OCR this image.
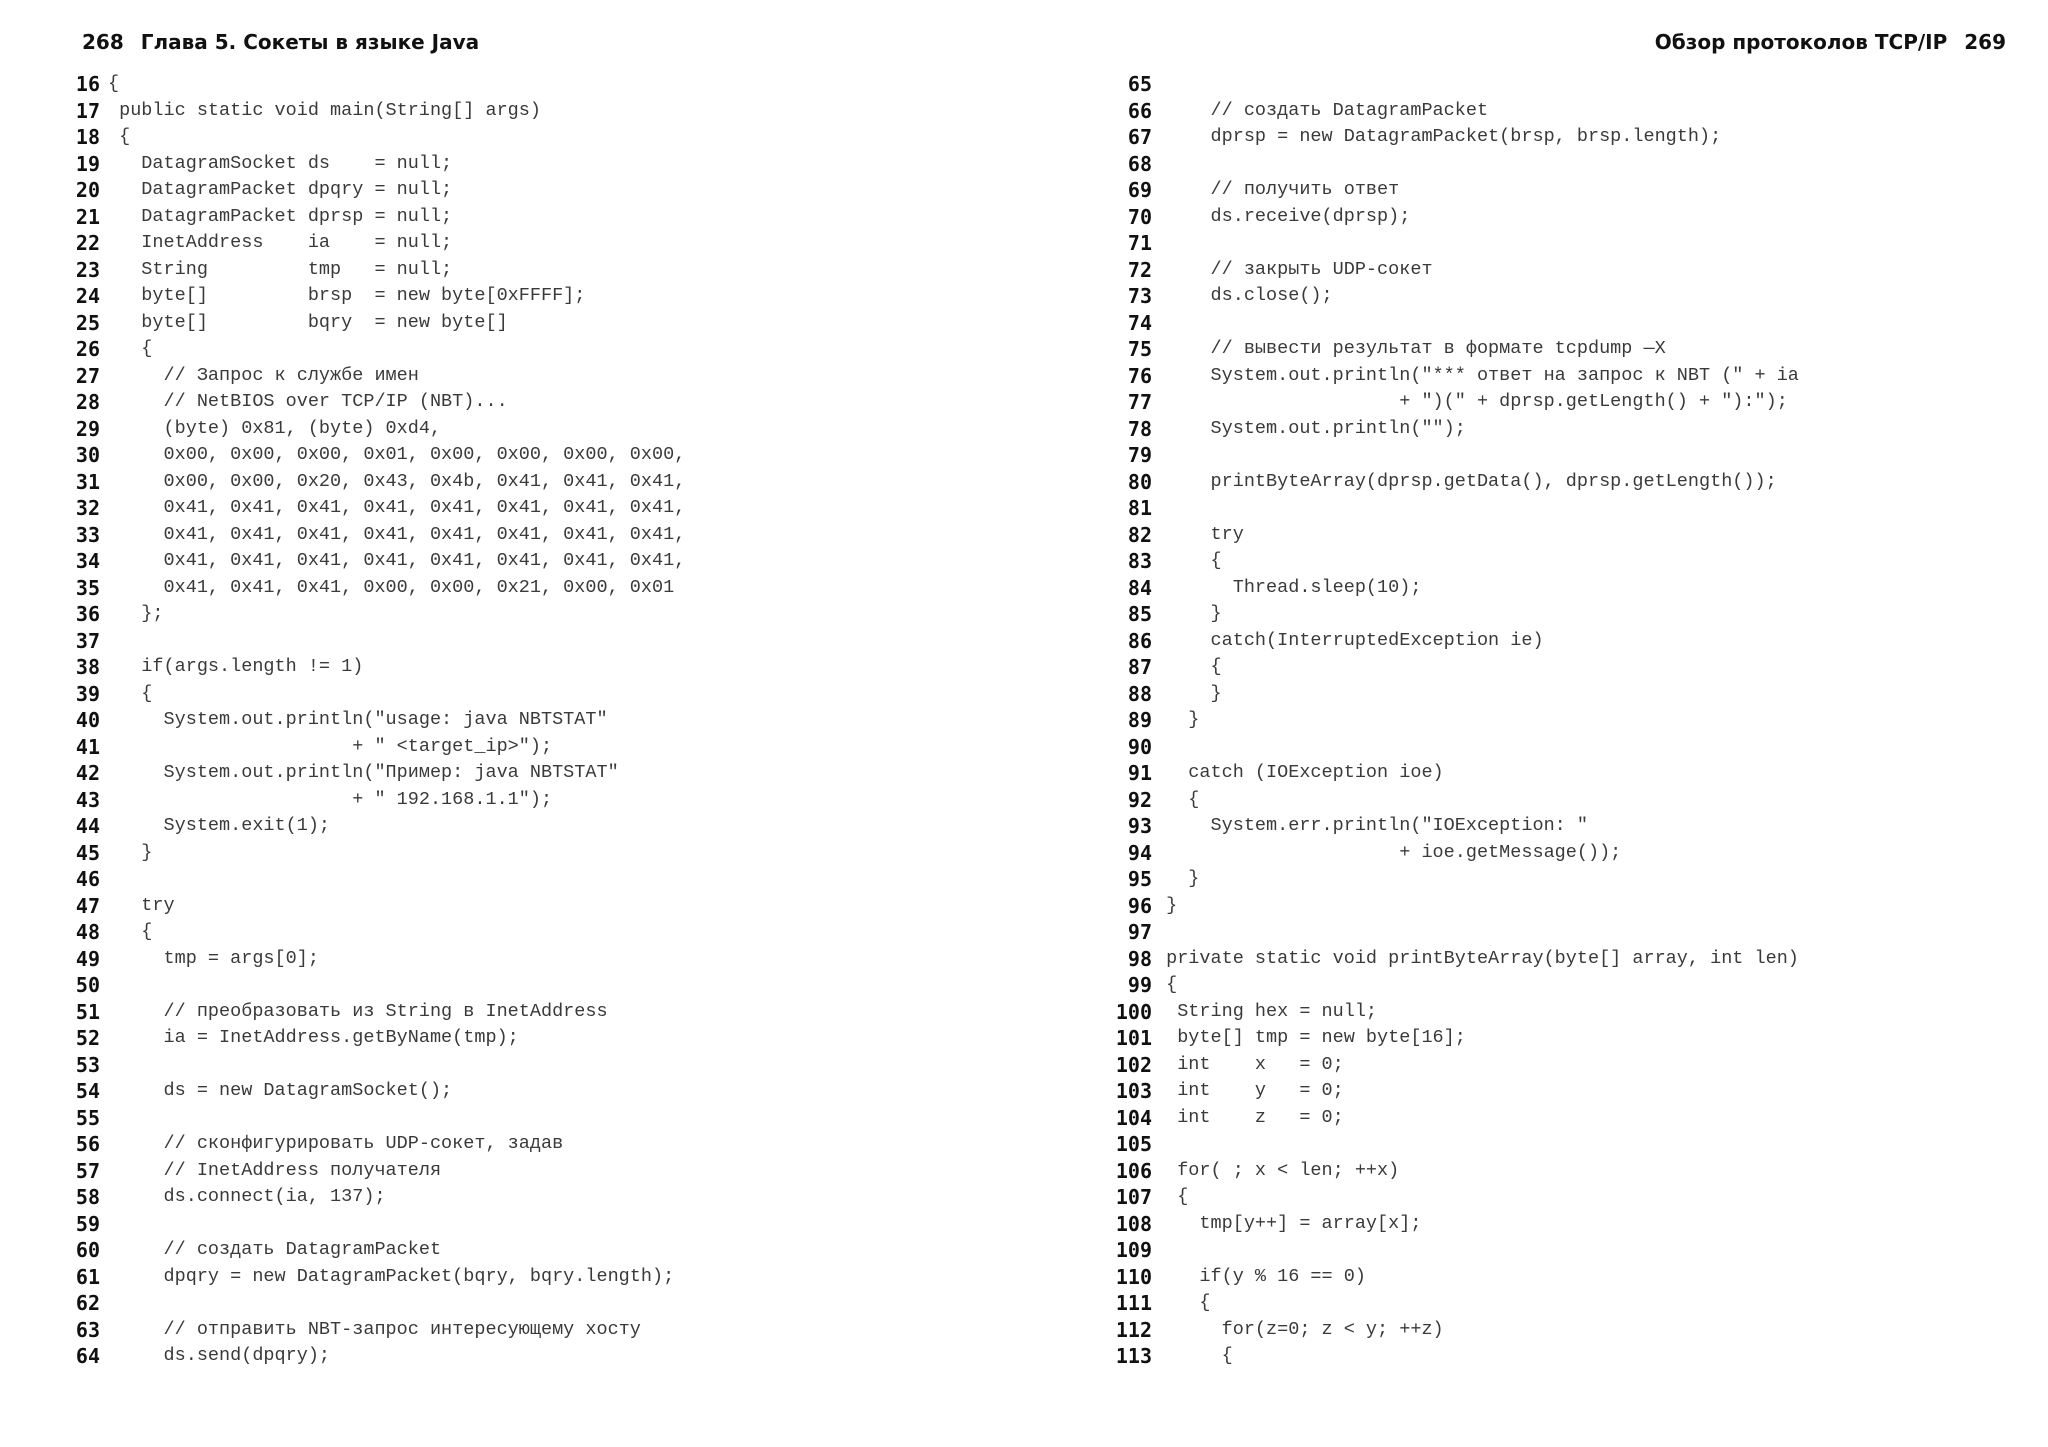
268 Глава 5. Сокеты в языке Java
16 {
17 public static void main(String[] args)
18 {
19 DatagramSocket ds    = null;
20 DatagramPacket dpqry = null;
21 DatagramPacket dprsp = null;
22 InetAddress    ia    = null;
23 String         tmp   = null;
24 byte[]         brsp  = new byte[0xFFFF];
25 byte[]         bqry  = new byte[]
26 {
27 // Запрос к службе имен
28 // NetBIOS over TCP/IP (NBT)...
29 (byte) 0x81, (byte) 0xd4,
30 0x00, 0x00, 0x00, 0x01, 0x00, 0x00, 0x00, 0x00,
31 0x00, 0x00, 0x20, 0x43, 0x4b, 0x41, 0x41, 0x41,
32 0x41, 0x41, 0x41, 0x41, 0x41, 0x41, 0x41, 0x41,
33 0x41, 0x41, 0x41, 0x41, 0x41, 0x41, 0x41, 0x41,
34 0x41, 0x41, 0x41, 0x41, 0x41, 0x41, 0x41, 0x41,
35 0x41, 0x41, 0x41, 0x00, 0x00, 0x21, 0x00, 0x01
36 };
37
38 if(args.length != 1)
39 {
40 System.out.println("usage: java NBTSTAT"
41 + " <target_ip>");
42 System.out.println("Пример: java NBTSTAT"
43 + " 192.168.1.1");
44 System.exit(1);
45 }
46
47 try
48 {
49 tmp = args[0];
50
51 // преобразовать из String в InetAddress
52 ia = InetAddress.getByName(tmp);
53
54 ds = new DatagramSocket();
55
56 // сконфигурировать UDP-сокет, задав
57 // InetAddress получателя
58 ds.connect(ia, 137);
59
60 // создать DatagramPacket
61 dpqry = new DatagramPacket(bqry, bqry.length);
62
63 // отправить NBT-запрос интересующему хосту
64 ds.send(dpqry);
Обзор протоколов TCP/IP 269
65
66 // создать DatagramPacket
67 dprsp = new DatagramPacket(brsp, brsp.length);
68
69 // получить ответ
70 ds.receive(dprsp);
71
72 // закрыть UDP-сокет
73 ds.close();
74
75 // вывести результат в формате tcpdump —X
76 System.out.println("*** ответ на запрос к NBT (" + ia
77 + ")(" + dprsp.getLength() + "):");
78 System.out.println("");
79
80 printByteArray(dprsp.getData(), dprsp.getLength());
81
82 try
83 {
84 Thread.sleep(10);
85 }
86 catch(InterruptedException ie)
87 {
88 }
89 }
90
91 catch (IOException ioe)
92 {
93 System.err.println("IOException: "
94 + ioe.getMessage());
95 }
96 }
97
98 private static void printByteArray(byte[] array, int len)
99 {
100 String hex = null;
101 byte[] tmp = new byte[16];
102 int    x   = 0;
103 int    y   = 0;
104 int    z   = 0;
105
106 for( ; x < len; ++x)
107 {
108 tmp[y++] = array[x];
109
110 if(y % 16 == 0)
111 {
112 for(z=0; z < y; ++z)
113 {
